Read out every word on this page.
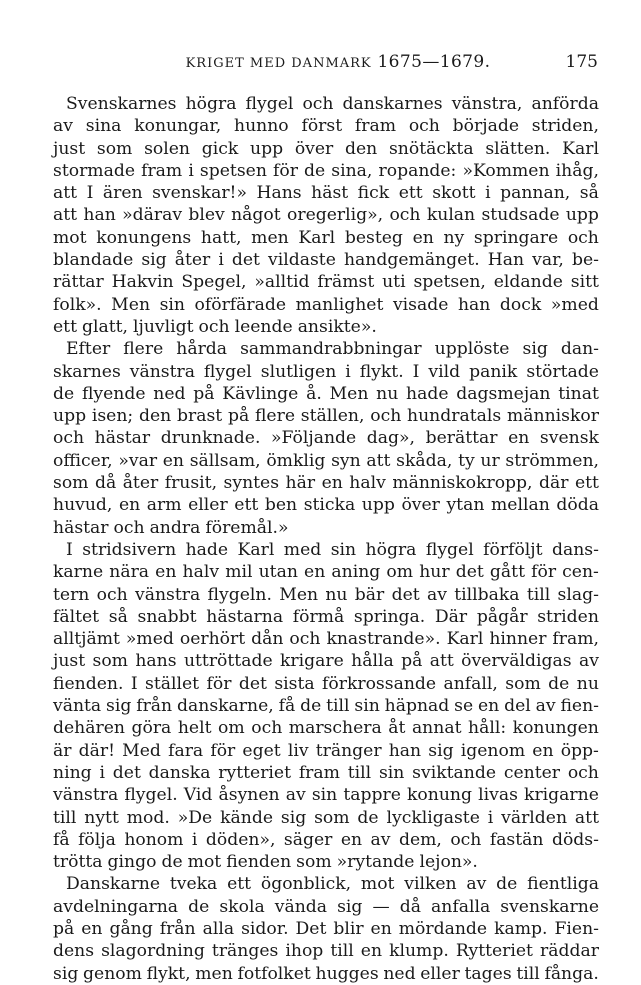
KRIGET MED DANMARK 1675—1679.	175
Svenskarnes högra flygel och danskarnes vänstra, anförda
av sina konungar, hunno först fram och började striden,
just som solen gick upp över den snötäckta slätten. Karl
stormade fram i spetsen för de sina, ropande: »Kommen ihåg,
att I ären svenskar!» Hans häst fick ett skott i pannan, så
att han »därav blev något oregerlig», och kulan studsade upp
mot konungens hatt, men Karl besteg en ny springare och
blandade sig åter i det vildaste handgemänget. Han var, be-
rättar Hakvin Spegel, »alltid främst uti spetsen, eldande sitt
folk». Men sin oförfärade manlighet visade han dock »med
ett glatt, ljuvligt och leende ansikte».
Efter flere hårda sammandrabbningar upplöste sig dan-
skarnes vänstra flygel slutligen i flykt. I vild panik störtade
de flyende ned på Kävlinge å. Men nu hade dagsmejan tinat
upp isen; den brast på flere ställen, och hundratals människor
och hästar drunknade. »Följande dag», berättar en svensk
officer, »var en sällsam, ömklig syn att skåda, ty ur strömmen,
som då åter frusit, syntes här en halv människokropp, där ett
huvud, en arm eller ett ben sticka upp över ytan mellan döda
hästar och andra föremål.»
I stridsivern hade Karl med sin högra flygel förföljt dans-
karne nära en halv mil utan en aning om hur det gått för cen-
tern och vänstra flygeln. Men nu bär det av tillbaka till slag-
fältet så snabbt hästarna förmå springa. Där pågår striden
alltjämt »med oerhört dån och knastrande». Karl hinner fram,
just som hans uttröttade krigare hålla på att överväldigas av
fienden. I stället för det sista förkrossande anfall, som de nu
vänta sig från danskarne, få de till sin häpnad se en del av fien-
dehären göra helt om och marschera åt annat håll: konungen
är där! Med fara för eget liv tränger han sig igenom en öpp-
ning i det danska rytteriet fram till sin sviktande center och
vänstra flygel. Vid åsynen av sin tappre konung livas krigarne
till nytt mod. »De kände sig som de lyckligaste i världen att
få följa honom i döden», säger en av dem, och fastän döds-
trötta gingo de mot fienden som »rytande lejon».
Danskarne tveka ett ögonblick, mot vilken av de fientliga
avdelningarna de skola vända sig — då anfalla svenskarne
på en gång från alla sidor. Det blir en mördande kamp. Fien-
dens slagordning tränges ihop till en klump. Rytteriet räddar
sig genom flykt, men fotfolket hugges ned eller tages till fånga.
